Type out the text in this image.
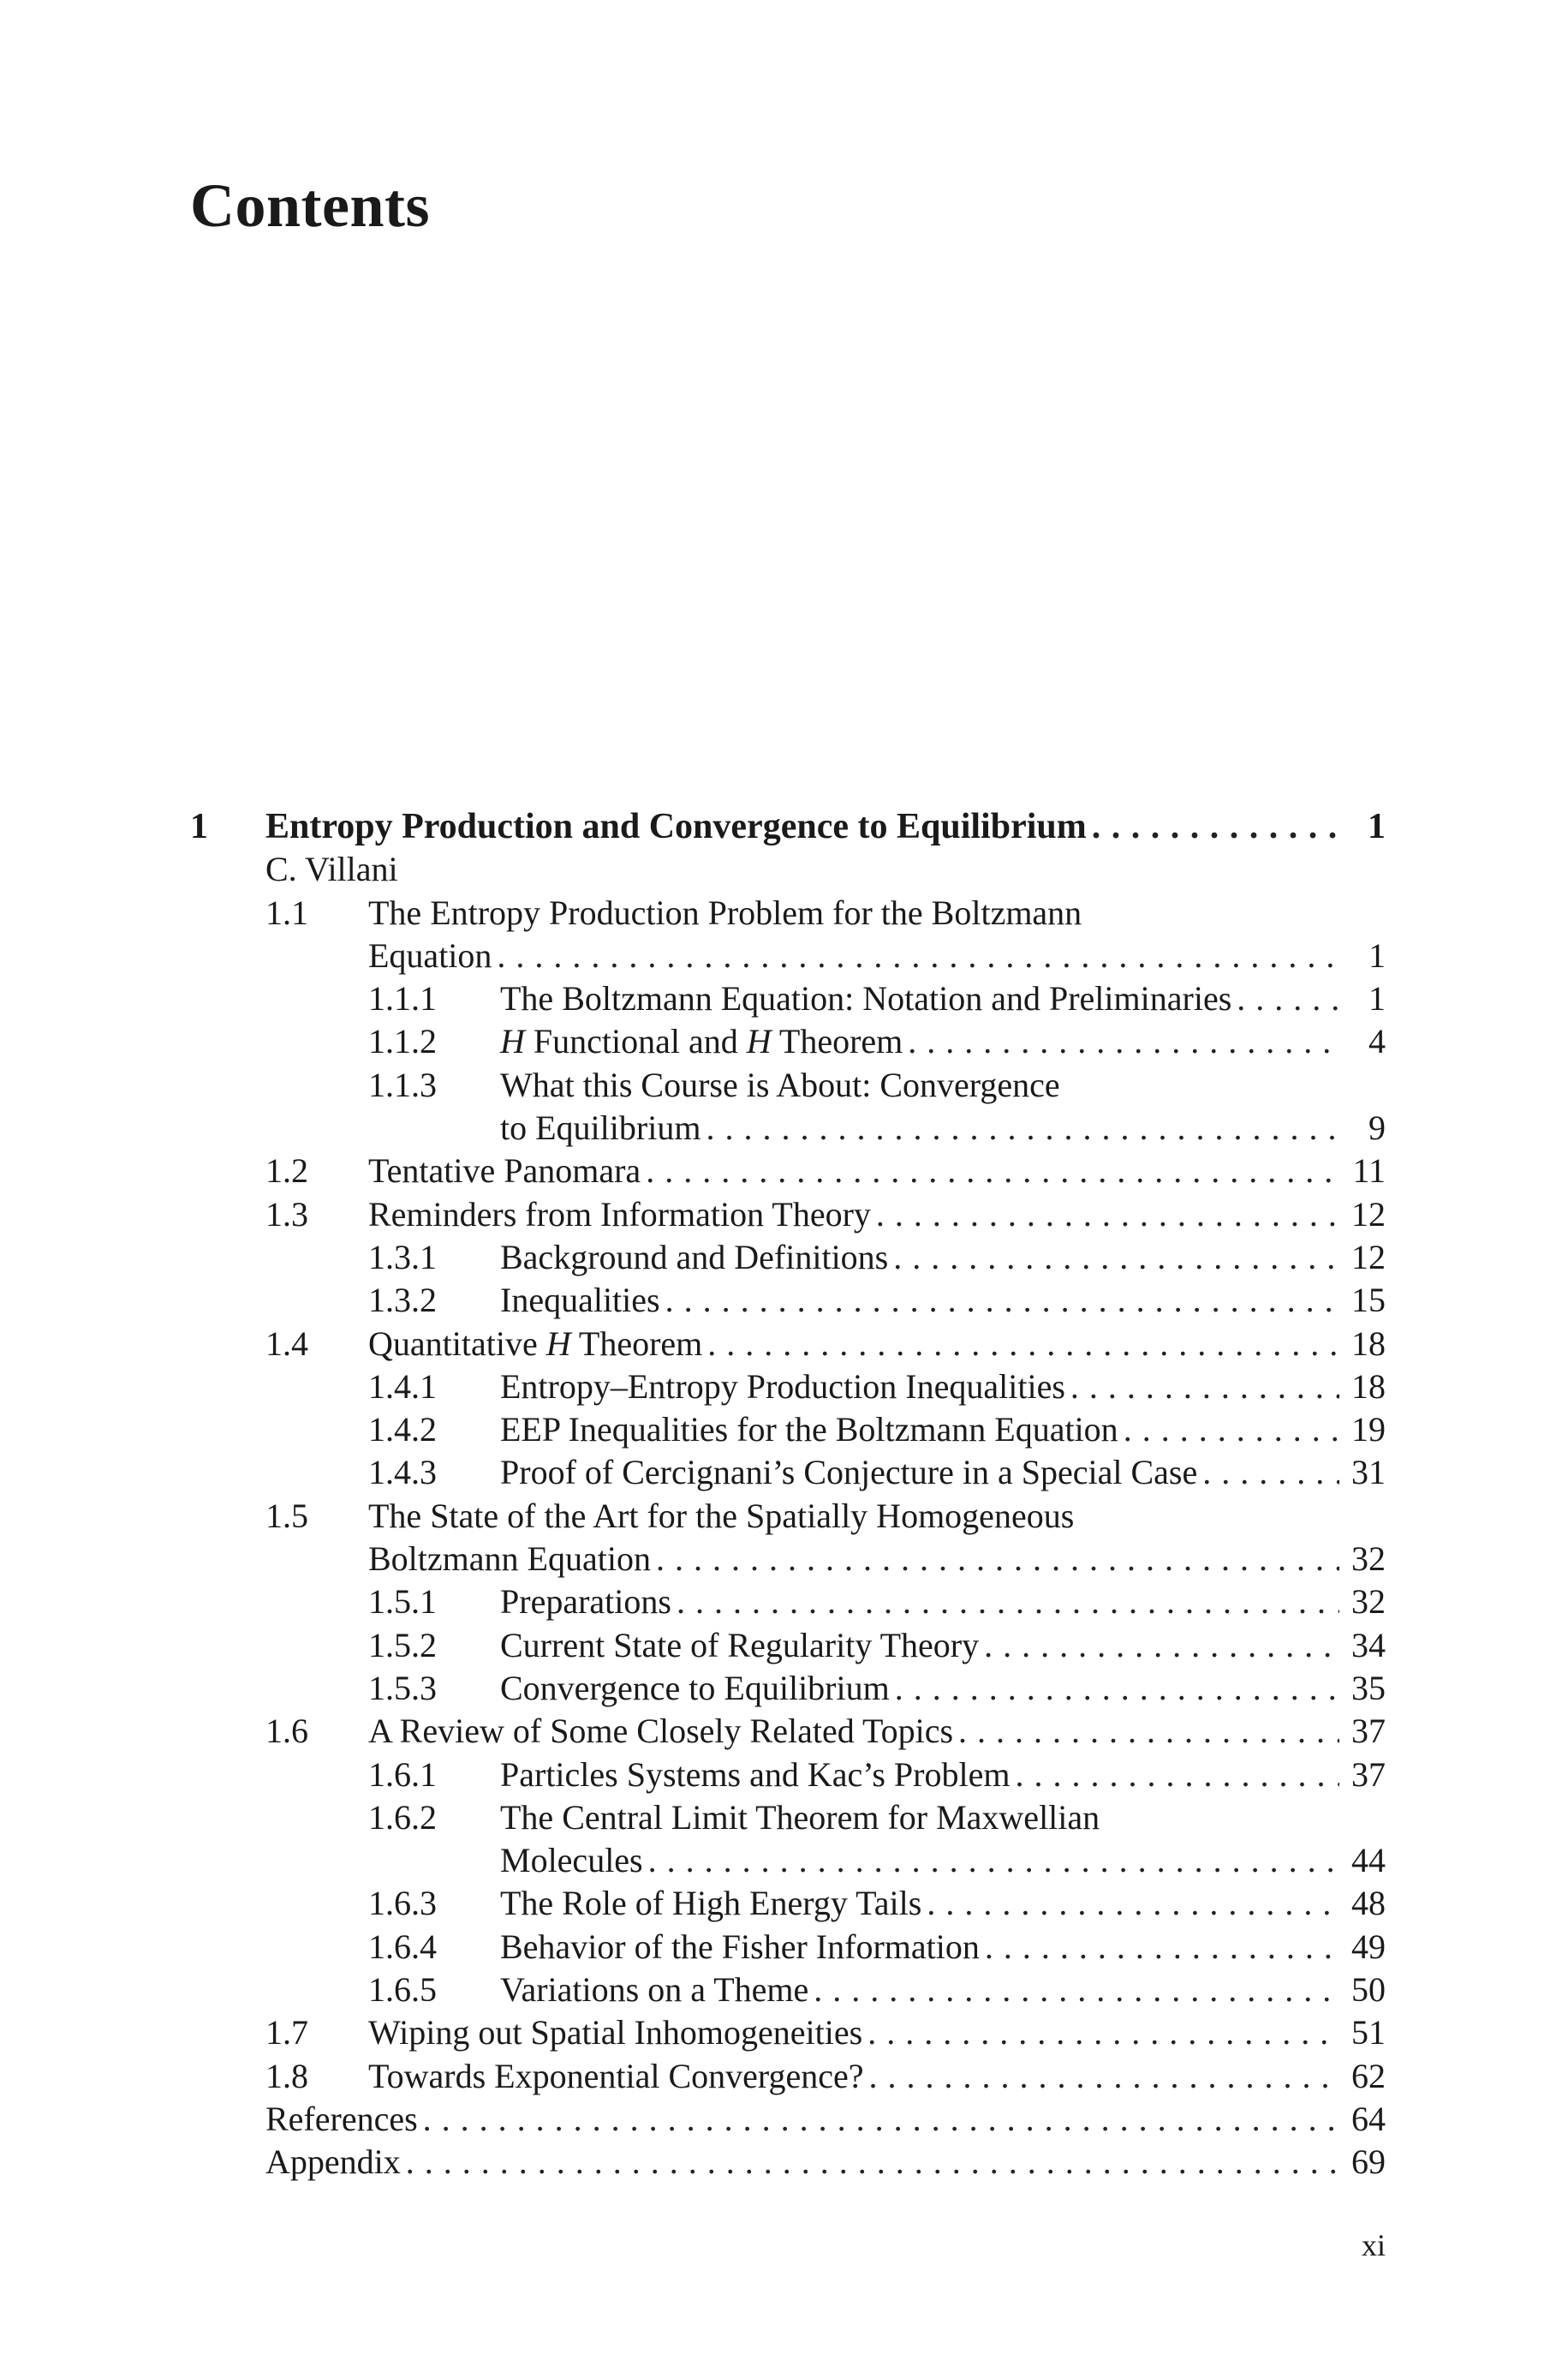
Contents
1 Entropy Production and Convergence to Equilibrium . . .	1
C. Villani
1.1 The Entropy Production Problem for the Boltzmann
Equation . . .	1
1.1.1 The Boltzmann Equation: Notation and Preliminaries . . .	1
1.1.2 H Functional and H Theorem . . .	4
1.1.3 What this Course is About: Convergence
to Equilibrium . . .	9
1.2 Tentative Panomara . . .	11
1.3 Reminders from Information Theory . . .	12
1.3.1 Background and Definitions . . .	12
1.3.2 Inequalities . . .	15
1.4 Quantitative H Theorem . . .	18
1.4.1 Entropy–Entropy Production Inequalities . . .	18
1.4.2 EEP Inequalities for the Boltzmann Equation . . .	19
1.4.3 Proof of Cercignani’s Conjecture in a Special Case . . .	31
1.5 The State of the Art for the Spatially Homogeneous
Boltzmann Equation . . .	32
1.5.1 Preparations . . .	32
1.5.2 Current State of Regularity Theory . . .	34
1.5.3 Convergence to Equilibrium . . .	35
1.6 A Review of Some Closely Related Topics . . .	37
1.6.1 Particles Systems and Kac’s Problem . . .	37
1.6.2 The Central Limit Theorem for Maxwellian
Molecules . . .	44
1.6.3 The Role of High Energy Tails . . .	48
1.6.4 Behavior of the Fisher Information . . .	49
1.6.5 Variations on a Theme . . .	50
1.7 Wiping out Spatial Inhomogeneities . . .	51
1.8 Towards Exponential Convergence? . . .	62
References . . .	64
Appendix . . .	69
xi
